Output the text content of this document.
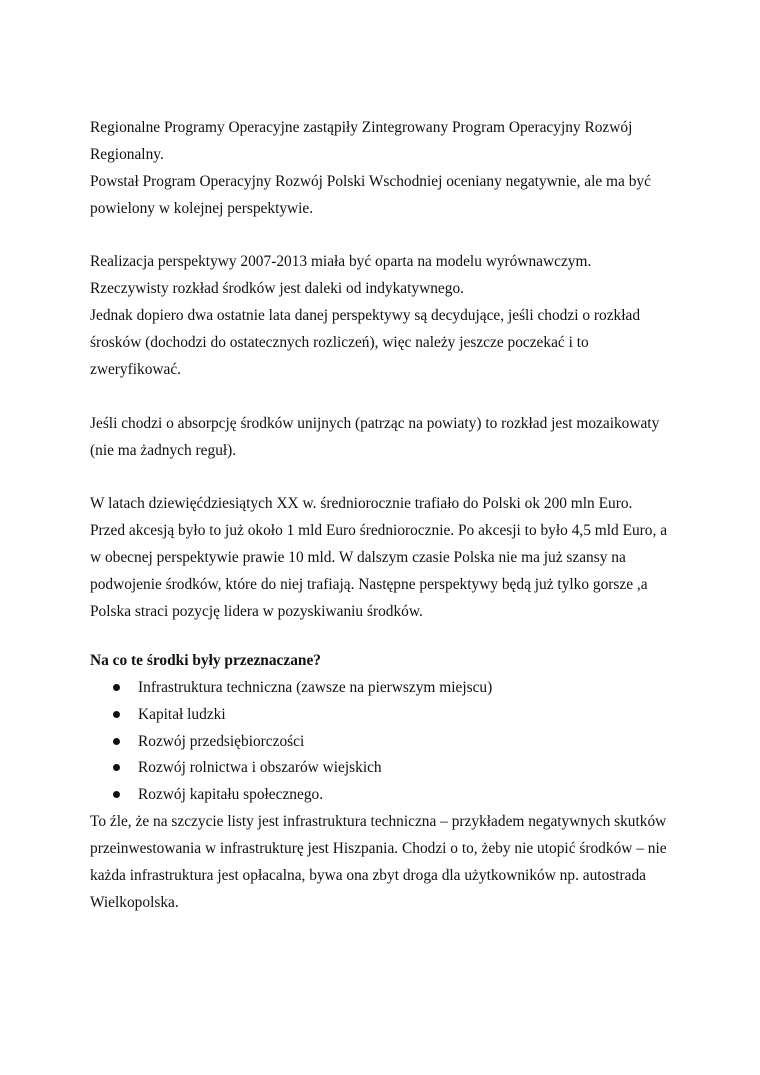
Regionalne Programy Operacyjne zastąpiły Zintegrowany Program Operacyjny Rozwój
Regionalny.
Powstał Program Operacyjny Rozwój Polski Wschodniej oceniany negatywnie, ale ma być
powielony w kolejnej perspektywie.
Realizacja perspektywy 2007-2013 miała być oparta na modelu wyrównawczym.
Rzeczywisty rozkład środków jest daleki od indykatywnego.
Jednak dopiero dwa ostatnie lata danej perspektywy są decydujące, jeśli chodzi o rozkład
śrosków (dochodzi do ostatecznych rozliczeń), więc należy jeszcze poczekać i to
zweryfikować.
Jeśli chodzi o absorpcję środków unijnych (patrząc na powiaty) to rozkład jest mozaikowaty
(nie ma żadnych reguł).
W latach dziewięćdziesiątych XX w. średniorocznie trafiało do Polski ok 200 mln Euro.
Przed akcesją było to już około 1 mld Euro średniorocznie. Po akcesji to było 4,5 mld Euro, a
w obecnej perspektywie prawie 10 mld. W dalszym czasie Polska nie ma już szansy na
podwojenie środków, które do niej trafiają. Następne perspektywy będą już tylko gorsze ,a
Polska straci pozycję lidera w pozyskiwaniu środków.
Na co te środki były przeznaczane?
Infrastruktura techniczna (zawsze na pierwszym miejscu)
Kapitał ludzki
Rozwój przedsiębiorczości
Rozwój rolnictwa i obszarów wiejskich
Rozwój kapitału społecznego.
To źle, że na szczycie listy jest infrastruktura techniczna – przykładem negatywnych skutków
przeinwestowania w infrastrukturę jest Hiszpania. Chodzi o to, żeby nie utopić środków – nie
każda infrastruktura jest opłacalna, bywa ona zbyt droga dla użytkowników np. autostrada
Wielkopolska.
